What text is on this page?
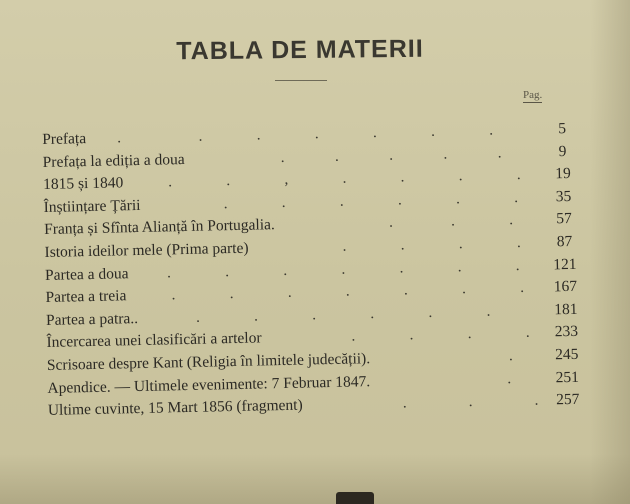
TABLA DE MATERII
Pag.
Prefața .                    .              .              .              .              .              .	5
Prefața la ediția a doua	.             .             .             .             .	9
1815 și 1840	.              .              ,              .              .              .              .	19
Înștiințare Țării	.              .              .              .              .              .	35
Franța și Sfînta Alianță în Portugalia.	.               .              .	57
Istoria ideilor mele (Prima parte)	.              .              .              .	87
Partea a doua .              .              .              .              .              .              .	121
Partea a treia	.              .              .              .              .              .              .	167
Partea a patra..	.              .              .              .              .              .	181
Încercarea unei clasificări a artelor	.              .              .              .	233
Scrisoare despre Kant (Religia în limitele judecății).	.	245
Apendice. — Ultimele evenimente: 7 Februar 1847.	.	251
Ultime cuvinte, 15 Mart 1856 (fragment)	.                .                .	257
